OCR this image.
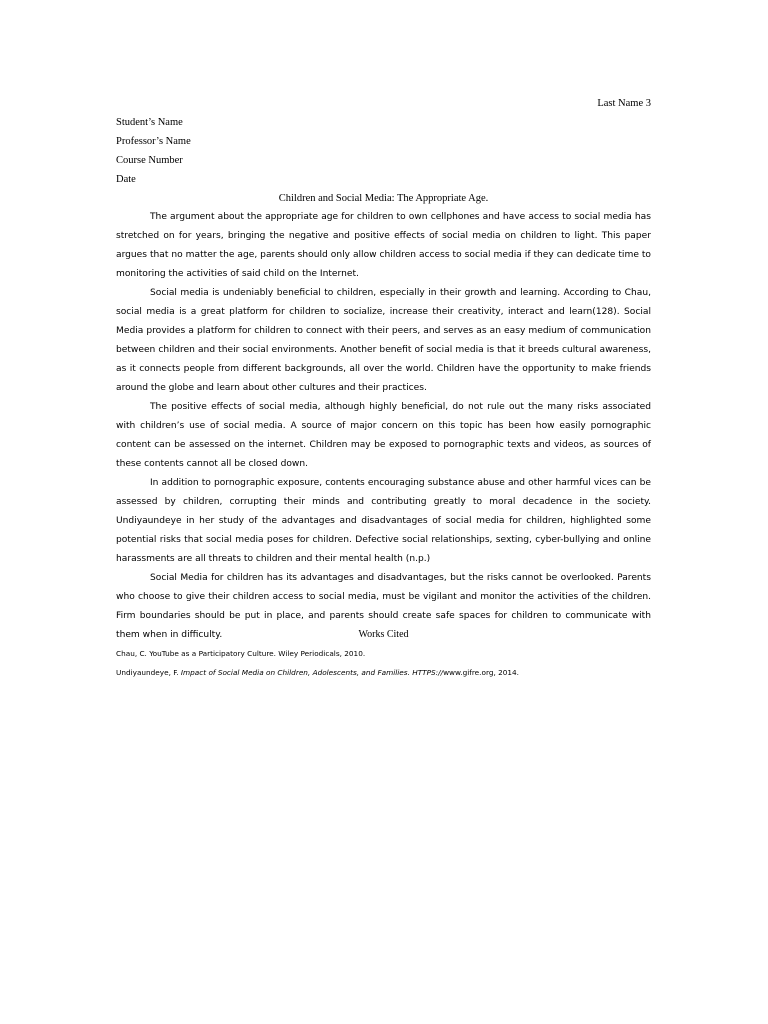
Last Name 3
Student’s Name
Professor’s Name
Course Number
Date
Children and Social Media: The Appropriate Age.

The argument about the appropriate age for children to own cellphones and have access to social media has stretched on for years, bringing the negative and positive effects of social media on children to light. This paper argues that no matter the age, parents should only allow children access to social media if they can dedicate time to monitoring the activities of said child on the Internet.

Social media is undeniably beneficial to children, especially in their growth and learning. According to Chau, social media is a great platform for children to socialize, increase their creativity, interact and learn(128). Social Media provides a platform for children to connect with their peers, and serves as an easy medium of communication between children and their social environments. Another benefit of social media is that it breeds cultural awareness, as it connects people from different backgrounds, all over the world. Children have the opportunity to make friends around the globe and learn about other cultures and their practices.

The positive effects of social media, although highly beneficial, do not rule out the many risks associated with children’s use of social media. A source of major concern on this topic has been how easily pornographic content can be assessed on the internet. Children may be exposed to pornographic texts and videos, as sources of these contents cannot all be closed down.

In addition to pornographic exposure, contents encouraging substance abuse and other harmful vices can be assessed by children, corrupting their minds and contributing greatly to moral decadence in the society. Undiyaundeye in her study of the advantages and disadvantages of social media for children, highlighted some potential risks that social media poses for children. Defective social relationships, sexting, cyber-bullying and online harassments are all threats to children and their mental health (n.p.)

Social Media for children has its advantages and disadvantages, but the risks cannot be overlooked. Parents who choose to give their children access to social media, must be vigilant and monitor the activities of the children. Firm boundaries should be put in place, and parents should create safe spaces for children to communicate with them when in difficulty.	Works Cited
Chau, C. YouTube as a Participatory Culture. Wiley Periodicals, 2010.
Undiyaundeye, F. Impact of Social Media on Children, Adolescents, and Families. HTTPS://www.gifre.org, 2014.
